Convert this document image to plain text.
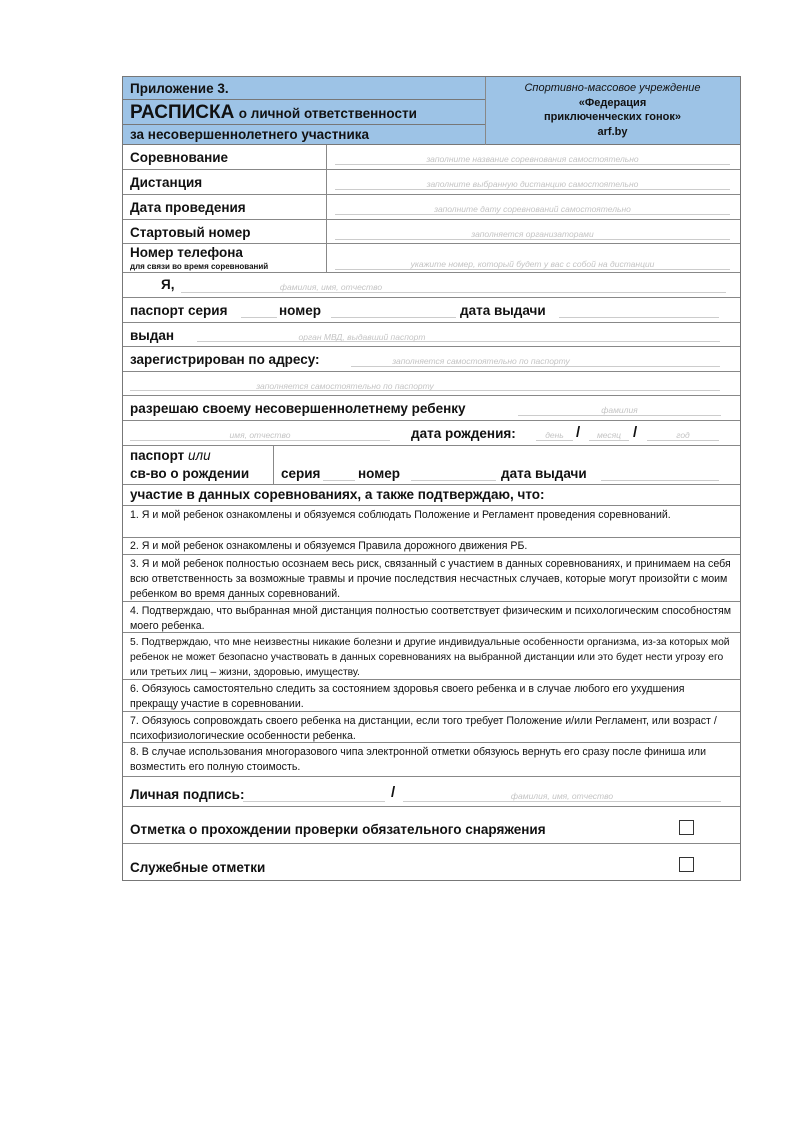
Приложение 3.
РАСПИСКА о личной ответственности
за несовершеннолетнего участника
Спортивно-массовое учреждение
«Федерация
приключенческих гонок»
arf.by
Соревнование	заполните название соревнования самостоятельно
Дистанция	заполните выбранную дистанцию самостоятельно
Дата проведения	заполните дату соревнований самостоятельно
Стартовый номер	заполняется организаторами
Номер телефона
для связи во время соревнований	укажите номер, который будет у вас с собой на дистанции
Я,	фамилия, имя, отчество
паспорт серия	номер	дата выдачи
выдан	орган МВД, выдавший паспорт
зарегистрирован по адресу:	заполняется самостоятельно по паспорту
заполняется самостоятельно по паспорту
разрешаю своему несовершеннолетнему ребенку	фамилия
имя, отчество	дата рождения:	день /	месяц /	год
паспорт или
св-во о рождении серия	номер	дата выдачи
участие в данных соревнованиях, а также подтверждаю, что:
1. Я и мой ребенок ознакомлены и обязуемся соблюдать Положение и Регламент проведения соревнований.
2. Я и мой ребенок ознакомлены и обязуемся Правила дорожного движения РБ.
3. Я и мой ребенок полностью осознаем весь риск, связанный с участием в данных соревнованиях, и принимаем на себя всю ответственность за возможные травмы и прочие последствия несчастных случаев, которые могут произойти с моим ребенком во время данных соревнований.
4. Подтверждаю, что выбранная мной дистанция полностью соответствует физическим и психологическим способностям моего ребенка.
5. Подтверждаю, что мне неизвестны никакие болезни и другие индивидуальные особенности организма, из-за которых мой ребенок не может безопасно участвовать в данных соревнованиях на выбранной дистанции или это будет нести угрозу его или третьих лиц – жизни, здоровью, имуществу.
6. Обязуюсь самостоятельно следить за состоянием здоровья своего ребенка и в случае любого его ухудшения прекращу участие в соревновании.
7. Обязуюсь сопровождать своего ребенка на дистанции, если того требует Положение и/или Регламент, или возраст / психофизиологические особенности ребенка.
8. В случае использования многоразового чипа электронной отметки обязуюсь вернуть его сразу после финиша или возместить его полную стоимость.
Личная подпись:	/	фамилия, имя, отчество
Отметка о прохождении проверки обязательного снаряжения
Служебные отметки
